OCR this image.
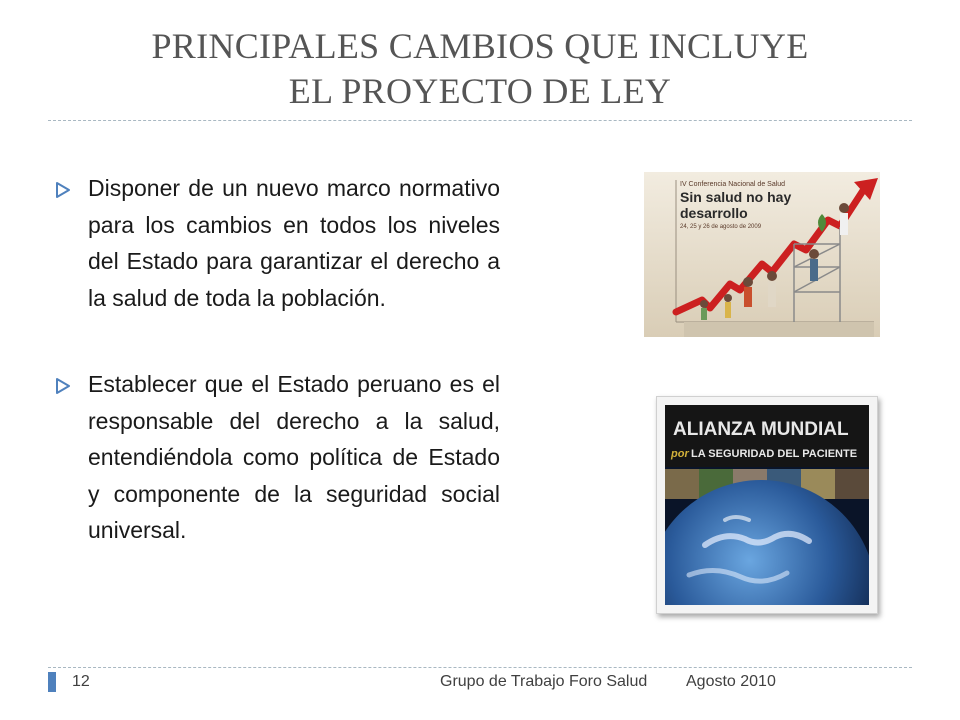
PRINCIPALES CAMBIOS QUE INCLUYE
EL PROYECTO DE LEY
Disponer de un nuevo marco normativo para los cambios en todos los niveles del Estado para garantizar el derecho a la salud de toda la población.
Establecer que el Estado peruano es el responsable del derecho a la salud, entendiéndola como política de Estado y componente de la seguridad social universal.
IV Conferencia Nacional de Salud
Sin salud no hay
desarrollo
24, 25 y 26 de agosto de 2009
ALIANZA MUNDIAL
por LA SEGURIDAD DEL PACIENTE
12	Grupo de Trabajo Foro Salud Agosto 2010
